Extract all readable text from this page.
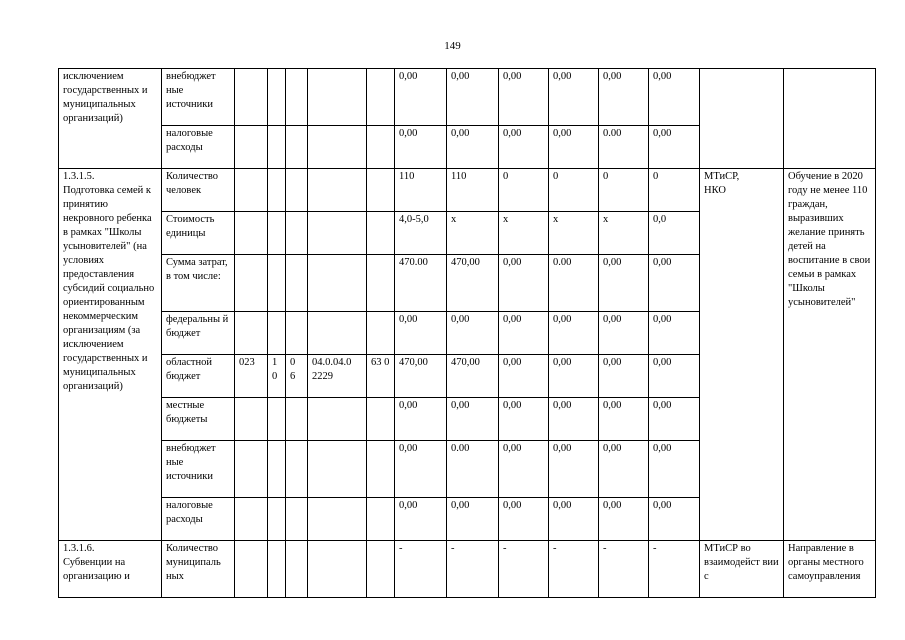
149
исключением государственных и муниципальных организаций)	внебюджет
ные
источники						0,00	0,00	0,00	0,00	0,00	0,00		
	налоговые расходы						0,00	0,00	0,00	0,00	0.00	0,00		
1.3.1.5.
Подготовка семей к принятию некровного ребенка в рамках "Школы усыновителей" (на условиях предоставления субсидий социально ориентированным некоммерческим организациям (за исключением государственных и муниципальных организаций)	Количество человек						110	110	0	0	0	0	МТиСР,
НКО	Обучение в 2020 году не менее 110 граждан, выразивших желание принять детей на воспитание в свои семьи в рамках "Школы усыновителей"
	Стоимость единицы						4,0-5,0	х	х	х	х	0,0		
	Сумма затрат, в том числе:						470.00	470,00	0,00	0.00	0,00	0,00		
	федеральны й бюджет						0,00	0,00	0,00	0,00	0,00	0,00		
	областной бюджет	023	1 0	0 6	04.0.04.0 2229	63 0	470,00	470,00	0,00	0,00	0,00	0,00		
	местные бюджеты						0,00	0,00	0,00	0,00	0,00	0,00		
	внебюджет
ные
источники						0,00	0.00	0,00	0,00	0,00	0,00		
	налоговые расходы						0,00	0,00	0,00	0,00	0,00	0,00		
1.3.1.6.
Субвенции на организацию и	Количество муниципаль ных						-	-	-	-	-	-	МТиСР во взаимодейст вии с	Направление в органы местного самоуправления
